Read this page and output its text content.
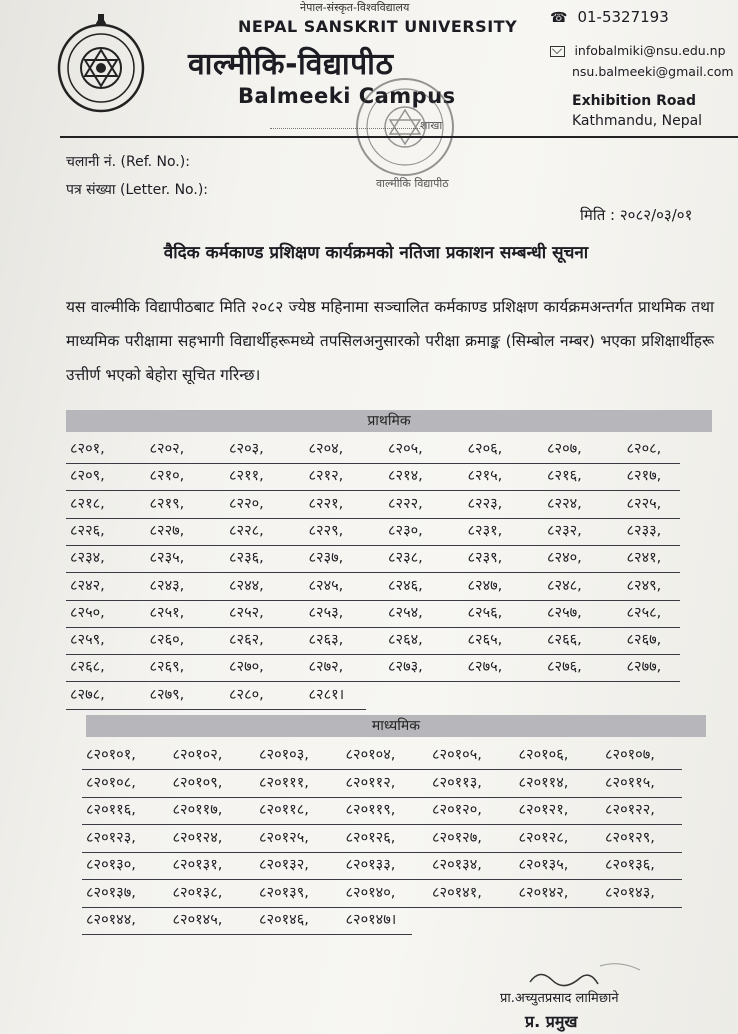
नेपाल-संस्कृत-विश्वविद्यालय
NEPAL SANSKRIT UNIVERSITY
वाल्मीकि-विद्यापीठ
Balmeeki Campus
शाखा
वाल्मीकि विद्यापीठ
☎ 01-5327193
infobalmiki@nsu.edu.np
nsu.balmeeki@gmail.com
Exhibition Road
Kathmandu, Nepal
चलानी नं. (Ref. No.):
पत्र संख्या (Letter. No.):
मिति : २०८२/०३/०१
वैदिक कर्मकाण्ड प्रशिक्षण कार्यक्रमको नतिजा प्रकाशन सम्बन्धी सूचना
यस वाल्मीकि विद्यापीठबाट मिति २०८२ ज्येष्ठ महिनामा सञ्चालित कर्मकाण्ड प्रशिक्षण कार्यक्रमअन्तर्गत प्राथमिक तथा माध्यमिक परीक्षामा सहभागी विद्यार्थीहरूमध्ये तपसिलअनुसारको परीक्षा क्रमाङ्क (सिम्बोल नम्बर) भएका प्रशिक्षार्थीहरू उत्तीर्ण भएको बेहोरा सूचित गरिन्छ।
प्राथमिक
८२०१,	८२०२,	८२०३,	८२०४,	८२०५,	८२०६,	८२०७,	८२०८,
८२०९,	८२१०,	८२११,	८२१२,	८२१४,	८२१५,	८२१६,	८२१७,
८२१८,	८२१९,	८२२०,	८२२१,	८२२२,	८२२३,	८२२४,	८२२५,
८२२६,	८२२७,	८२२८,	८२२९,	८२३०,	८२३१,	८२३२,	८२३३,
८२३४,	८२३५,	८२३६,	८२३७,	८२३८,	८२३९,	८२४०,	८२४१,
८२४२,	८२४३,	८२४४,	८२४५,	८२४६,	८२४७,	८२४८,	८२४९,
८२५०,	८२५१,	८२५२,	८२५३,	८२५४,	८२५६,	८२५७,	८२५८,
८२५९,	८२६०,	८२६२,	८२६३,	८२६४,	८२६५,	८२६६,	८२६७,
८२६८,	८२६९,	८२७०,	८२७२,	८२७३,	८२७५,	८२७६,	८२७७,
८२७८,	८२७९,	८२८०,	८२८१।
माध्यमिक
८२०१०१,	८२०१०२,	८२०१०३,	८२०१०४,	८२०१०५,	८२०१०६,	८२०१०७,
८२०१०८,	८२०१०९,	८२०१११,	८२०११२,	८२०११३,	८२०११४,	८२०११५,
८२०११६,	८२०११७,	८२०११८,	८२०११९,	८२०१२०,	८२०१२१,	८२०१२२,
८२०१२३,	८२०१२४,	८२०१२५,	८२०१२६,	८२०१२७,	८२०१२८,	८२०१२९,
८२०१३०,	८२०१३१,	८२०१३२,	८२०१३३,	८२०१३४,	८२०१३५,	८२०१३६,
८२०१३७,	८२०१३८,	८२०१३९,	८२०१४०,	८२०१४१,	८२०१४२,	८२०१४३,
८२०१४४,	८२०१४५,	८२०१४६,	८२०१४७।
प्रा.अच्युतप्रसाद लामिछाने
प्र. प्रमुख
